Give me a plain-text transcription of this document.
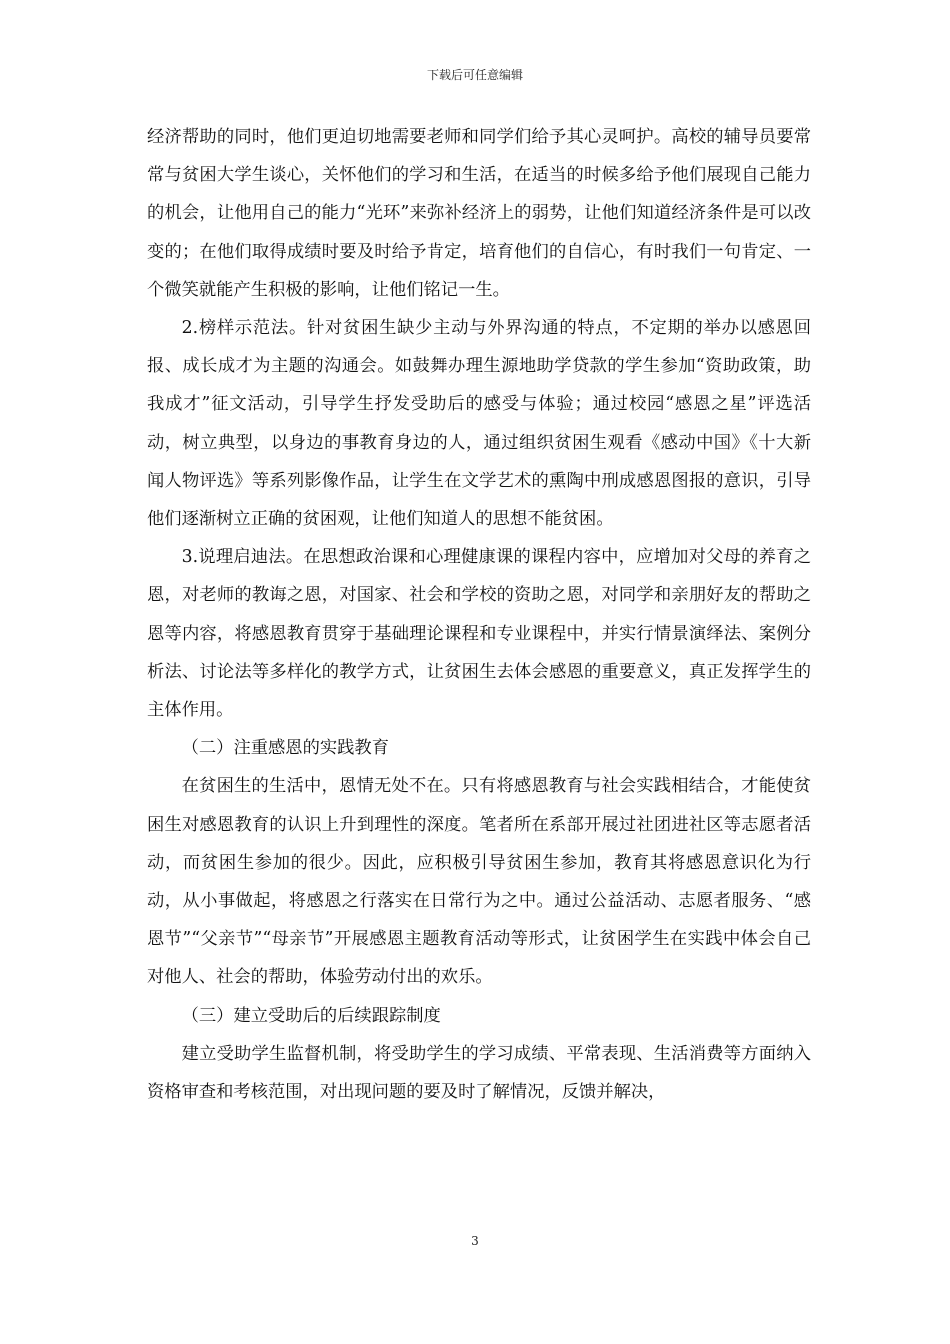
下载后可任意编辑

经济帮助的同时，他们更迫切地需要老师和同学们给予其心灵呵护。高校的辅导员要常常与贫困大学生谈心，关怀他们的学习和生活，在适当的时候多给予他们展现自己能力的机会，让他用自己的能力“光环”来弥补经济上的弱势，让他们知道经济条件是可以改变的；在他们取得成绩时要及时给予肯定，培育他们的自信心，有时我们一句肯定、一个微笑就能产生积极的影响，让他们铭记一生。

2.榜样示范法。针对贫困生缺少主动与外界沟通的特点，不定期的举办以感恩回报、成长成才为主题的沟通会。如鼓舞办理生源地助学贷款的学生参加“资助政策，助我成才”征文活动，引导学生抒发受助后的感受与体验；通过校园“感恩之星”评选活动，树立典型，以身边的事教育身边的人，通过组织贫困生观看《感动中国》《十大新闻人物评选》等系列影像作品，让学生在文学艺术的熏陶中刑成感恩图报的意识，引导他们逐渐树立正确的贫困观，让他们知道人的思想不能贫困。

3.说理启迪法。在思想政治课和心理健康课的课程内容中，应增加对父母的养育之恩，对老师的教诲之恩，对国家、社会和学校的资助之恩，对同学和亲朋好友的帮助之恩等内容，将感恩教育贯穿于基础理论课程和专业课程中，并实行情景演绎法、案例分析法、讨论法等多样化的教学方式，让贫困生去体会感恩的重要意义，真正发挥学生的主体作用。

（二）注重感恩的实践教育

在贫困生的生活中，恩情无处不在。只有将感恩教育与社会实践相结合，才能使贫困生对感恩教育的认识上升到理性的深度。笔者所在系部开展过社团进社区等志愿者活动，而贫困生参加的很少。因此，应积极引导贫困生参加，教育其将感恩意识化为行动，从小事做起，将感恩之行落实在日常行为之中。通过公益活动、志愿者服务、“感恩节”“父亲节”“母亲节”开展感恩主题教育活动等形式，让贫困学生在实践中体会自己对他人、社会的帮助，体验劳动付出的欢乐。

（三）建立受助后的后续跟踪制度

建立受助学生监督机制，将受助学生的学习成绩、平常表现、生活消费等方面纳入资格审查和考核范围，对出现问题的要及时了解情况，反馈并解决，

3
